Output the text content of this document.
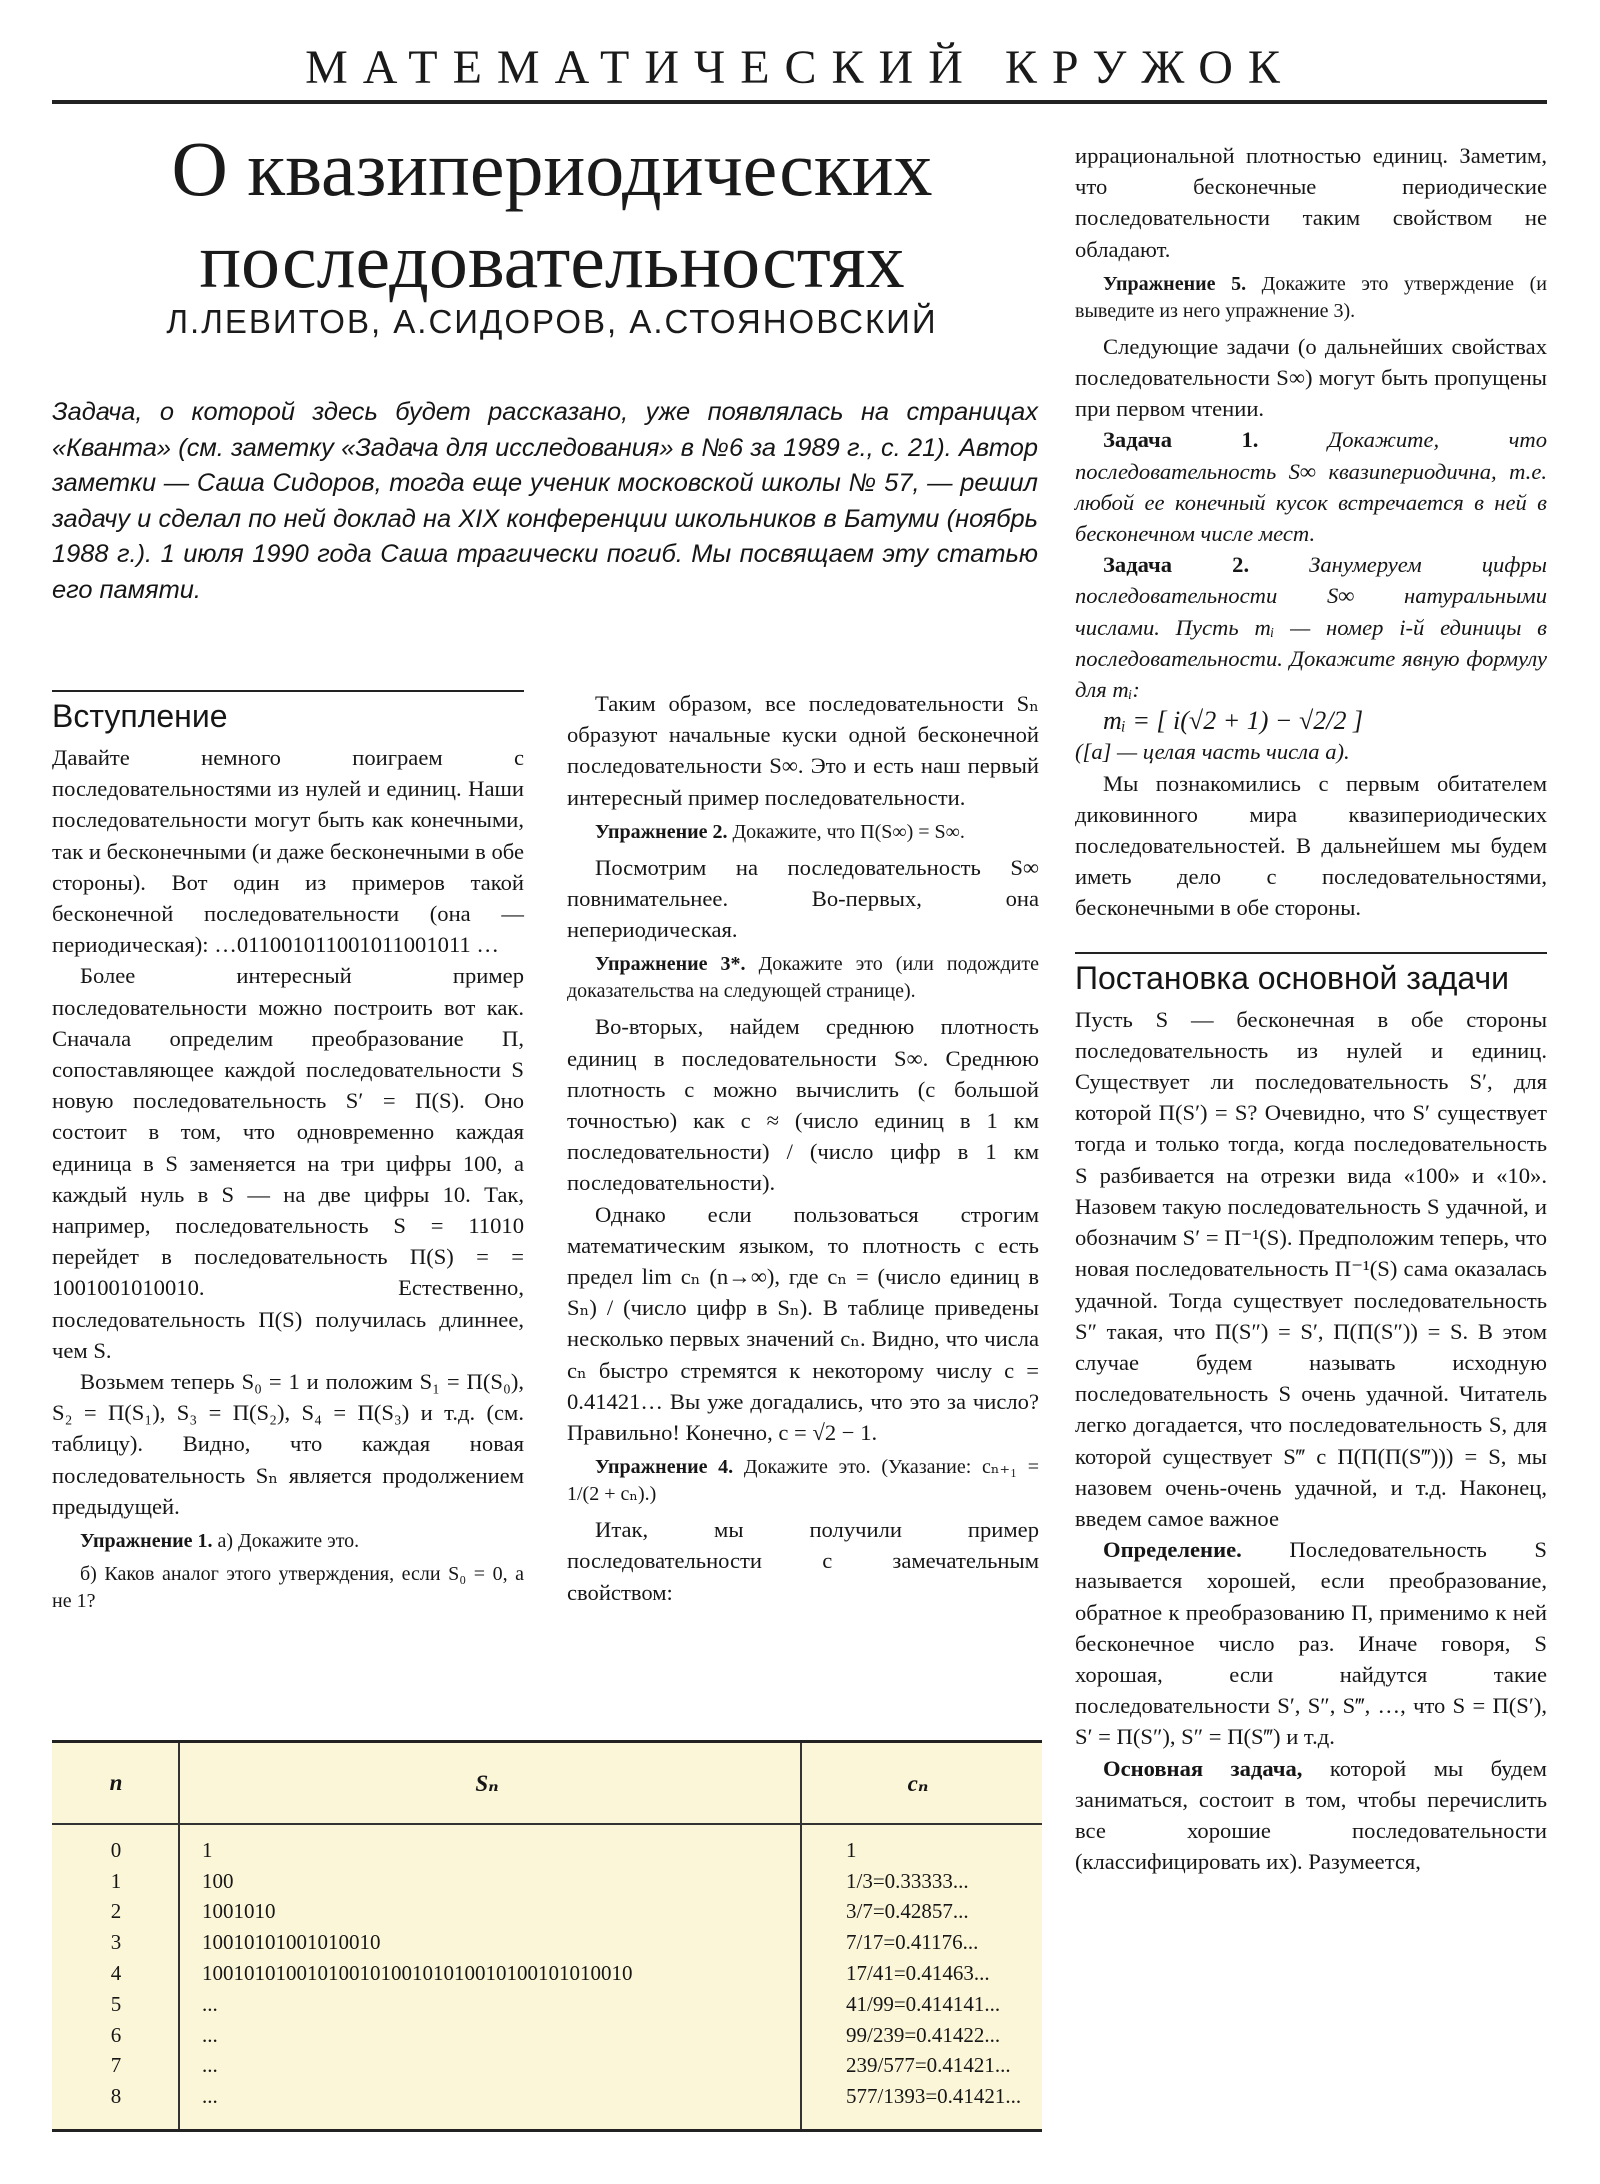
МАТЕМАТИЧЕСКИЙ КРУЖОК
О квазипериодических последовательностях
Л.ЛЕВИТОВ, А.СИДОРОВ, А.СТОЯНОВСКИЙ

Задача, о которой здесь будет рассказано, уже появлялась на страницах «Кванта» (см. заметку «Задача для исследования» в №6 за 1989 г., с. 21). Автор заметки — Саша Сидоров, тогда еще ученик московской школы № 57, — решил задачу и сделал по ней доклад на XIX конференции школьников в Батуми (ноябрь 1988 г.). 1 июля 1990 года Саша трагически погиб. Мы посвящаем эту статью его памяти.

Вступление

Давайте немного поиграем с последовательностями из нулей и единиц. Наши последовательности могут быть как конечными, так и бесконечными (и даже бесконечными в обе стороны). Вот один из примеров такой бесконечной последовательности (она — периодическая): …011001011001011001011 …

Более интересный пример последовательности можно построить вот как. Сначала определим преобразование П, сопоставляющее каждой последовательности S новую последовательность S′ = П(S). Оно состоит в том, что одновременно каждая единица в S заменяется на три цифры 100, а каждый нуль в S — на две цифры 10. Так, например, последовательность S = 11010 перейдет в последовательность П(S) = = 1001001010010. Естественно, последовательность П(S) получилась длиннее, чем S.

Возьмем теперь S₀ = 1 и положим S₁ = П(S₀), S₂ = П(S₁), S₃ = П(S₂), S₄ = П(S₃) и т.д. (см. таблицу). Видно, что каждая новая последовательность Sₙ является продолжением предыдущей.

Упражнение 1. а) Докажите это.

б) Каков аналог этого утверждения, если S₀ = 0, а не 1?

Таким образом, все последовательности Sₙ образуют начальные куски одной бесконечной последовательности S∞. Это и есть наш первый интересный пример последовательности.

Упражнение 2. Докажите, что П(S∞) = S∞.

Посмотрим на последовательность S∞ повнимательнее. Во-первых, она непериодическая.

Упражнение 3*. Докажите это (или подождите доказательства на следующей странице).

Во-вторых, найдем среднюю плотность единиц в последовательности S∞. Среднюю плотность c можно вычислить (с большой точностью) как c ≈ (число единиц в 1 км последовательности) / (число цифр в 1 км последовательности).

Однако если пользоваться строгим математическим языком, то плотность c есть предел lim cₙ (n→∞), где cₙ = (число единиц в Sₙ) / (число цифр в Sₙ). В таблице приведены несколько первых значений cₙ. Видно, что числа cₙ быстро стремятся к некоторому числу c = 0.41421… Вы уже догадались, что это за число? Правильно! Конечно, c = √2 − 1.

Упражнение 4. Докажите это. (Указание: cₙ₊₁ = 1/(2 + cₙ).)

Итак, мы получили пример последовательности с замечательным свойством:

иррациональной плотностью единиц. Заметим, что бесконечные периодические последовательности таким свойством не обладают.

Упражнение 5. Докажите это утверждение (и выведите из него упражнение 3).

Следующие задачи (о дальнейших свойствах последовательности S∞) могут быть пропущены при первом чтении.

Задача 1.	Докажите, что последовательность S∞ квазипериодична, т.е. любой ее конечный кусок встречается в ней в бесконечном числе мест.

Задача 2.	Занумеруем цифры последовательности S∞ натуральными числами. Пусть mᵢ — номер i-й единицы в последовательности. Докажите явную формулу для mᵢ:

mᵢ = [ i(√2 + 1) − √2/2 ]

([a] — целая часть числа a).

Мы познакомились с первым обитателем диковинного мира квазипериодических последовательностей. В дальнейшем мы будем иметь дело с последовательностями, бесконечными в обе стороны.

Постановка основной задачи

Пусть S — бесконечная в обе стороны последовательность из нулей и единиц. Существует ли последовательность S′, для которой П(S′) = S? Очевидно, что S′ существует тогда и только тогда, когда последовательность S разбивается на отрезки вида «100» и «10». Назовем такую последовательность S удачной, и обозначим S′ = П⁻¹(S). Предположим теперь, что новая последовательность П⁻¹(S) сама оказалась удачной. Тогда существует последовательность S″ такая, что П(S″) = S′, П(П(S″)) = S. В этом случае будем называть исходную последовательность S очень удачной. Читатель легко догадается, что последовательность S, для которой существует S‴ с П(П(П(S‴))) = S, мы назовем очень-очень удачной, и т.д. Наконец, введем самое важное

Определение. Последовательность S называется хорошей, если преобразование, обратное к преобразованию П, применимо к ней бесконечное число раз. Иначе говоря, S хорошая, если найдутся такие последовательности S′, S″, S‴, …, что S = П(S′), S′ = П(S″), S″ = П(S‴) и т.д.

Основная задача, которой мы будем заниматься, состоит в том, чтобы перечислить все хорошие последовательности (классифицировать их). Разумеется,

n	Sₙ	cₙ
0	1	1
1	100	1/3=0.33333...
2	1001010	3/7=0.42857...
3	10010101001010010	7/17=0.41176...
4	10010101001010010100101010010100101010010	17/41=0.41463...
5	...	41/99=0.414141...
6	...	99/239=0.41422...
7	...	239/577=0.41421...
8	...	577/1393=0.41421...
